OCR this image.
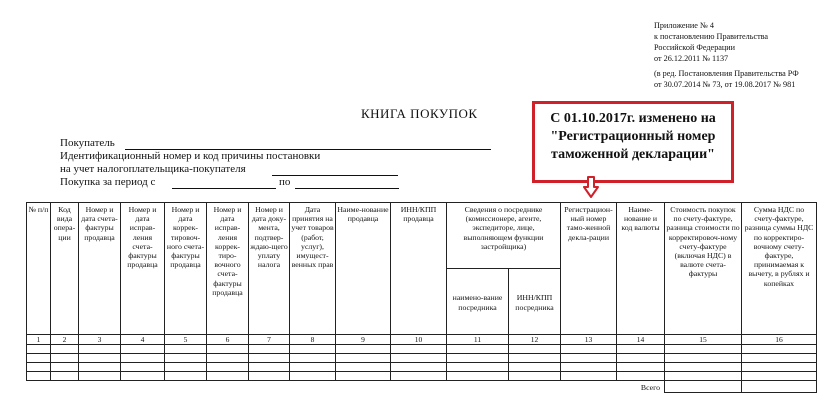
Приложение № 4
к постановлению Правительства
Российской Федерации
от 26.12.2011 № 1137
(в ред. Постановления Правительства РФ
от 30.07.2014 № 73, от 19.08.2017 № 981
КНИГА ПОКУПОК	С 01.10.2017г. изменено на
"Регистрационный номер
таможенной декларации"
Покупатель
Идентификационный номер и код причины постановки
на учет налогоплательщика-покупателя
Покупка за период с	по
№ п/п	Код вида опера-ции	Номер и дата счета-фактуры продавца	Номер и дата исправ-ления счета-фактуры продавца	Номер и дата коррек-тировоч-ного счета-фактуры продавца	Номер и дата исправ-ления коррек-тиро-вочного счета-фактуры продавца	Номер и дата доку-мента, подтвер-ждаю-щего уплату налога	Дата принятия на учет товаров (работ, услуг), имущест-венных прав	Наиме-нование продавца	ИНН/КПП продавца	Сведения о посреднике (комиссионере, агенте, экспедиторе, лице, выполняющем функции застройщика)		Регистрацион-ный номер тамо-женной декла-рации	Наиме-нование и код валюты	Стоимость покупок по счету-фактуре, разница стоимости по корректировоч-ному счету-фактуре (включая НДС) в валюте счета-фактуры	Сумма НДС по счету-фактуре, разница суммы НДС по корректиро-вочному счету-фактуре, принимаемая к вычету, в рублях и копейках
										наимено-вание посредника	ИНН/КПП посредника				
1	2	3	4	5	6	7	8	9	10	11	12	13	14	15	16

Всего															
